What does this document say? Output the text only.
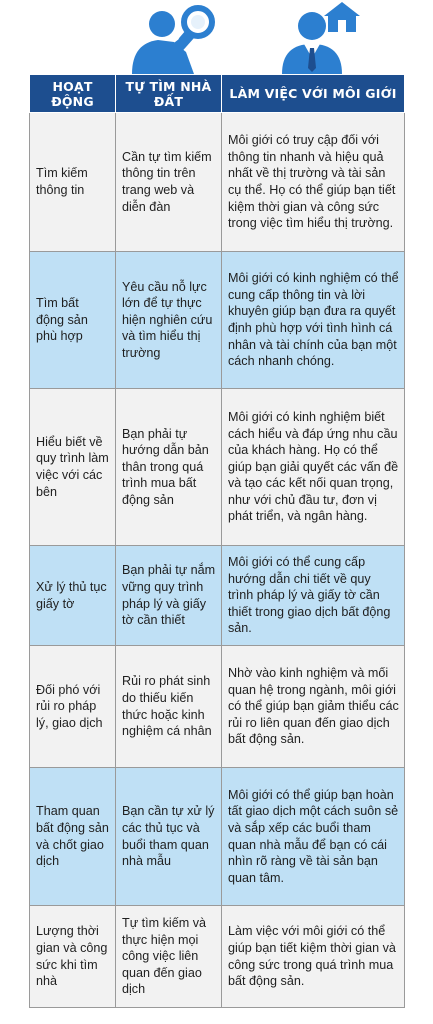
HOẠT ĐỘNG	TỰ TÌM NHÀ ĐẤT	LÀM VIỆC VỚI MÔI GIỚI
Tìm kiếm thông tin	Cần tự tìm kiếm thông tin trên trang web và diễn đàn	Môi giới có truy cập đối với thông tin nhanh và hiệu quả nhất về thị trường và tài sản cụ thể. Họ có thể giúp bạn tiết kiệm thời gian và công sức trong việc tìm hiểu thị trường.
Tìm bất động sản phù hợp	Yêu cầu nỗ lực lớn để tự thực hiện nghiên cứu và tìm hiểu thị trường	Môi giới có kinh nghiệm có thể cung cấp thông tin và lời khuyên giúp bạn đưa ra quyết định phù hợp với tình hình cá nhân và tài chính của bạn một cách nhanh chóng.
Hiểu biết về quy trình làm việc với các bên	Bạn phải tự hướng dẫn bản thân trong quá trình mua bất động sản	Môi giới có kinh nghiệm biết cách hiểu và đáp ứng nhu cầu của khách hàng. Họ có thể giúp bạn giải quyết các vấn đề và tạo các kết nối quan trọng, như với chủ đầu tư, đơn vị phát triển, và ngân hàng.
Xử lý thủ tục giấy tờ	Bạn phải tự nắm vững quy trình pháp lý và giấy tờ cần thiết	Môi giới có thể cung cấp hướng dẫn chi tiết về quy trình pháp lý và giấy tờ cần thiết trong giao dịch bất động sản.
Đối phó với rủi ro pháp lý, giao dịch	Rủi ro phát sinh do thiếu kiến thức hoặc kinh nghiệm cá nhân	Nhờ vào kinh nghiệm và mối quan hệ trong ngành, môi giới có thể giúp bạn giảm thiểu các rủi ro liên quan đến giao dịch bất động sản.
Tham quan bất động sản và chốt giao dịch	Bạn cần tự xử lý các thủ tục và buổi tham quan nhà mẫu	Môi giới có thể giúp bạn hoàn tất giao dịch một cách suôn sẻ và sắp xếp các buổi tham quan nhà mẫu để bạn có cái nhìn rõ ràng về tài sản bạn quan tâm.
Lượng thời gian và công sức khi tìm nhà	Tự tìm kiếm và thực hiện mọi công việc liên quan đến giao dịch	Làm việc với môi giới có thể giúp bạn tiết kiệm thời gian và công sức trong quá trình mua bất động sản.
